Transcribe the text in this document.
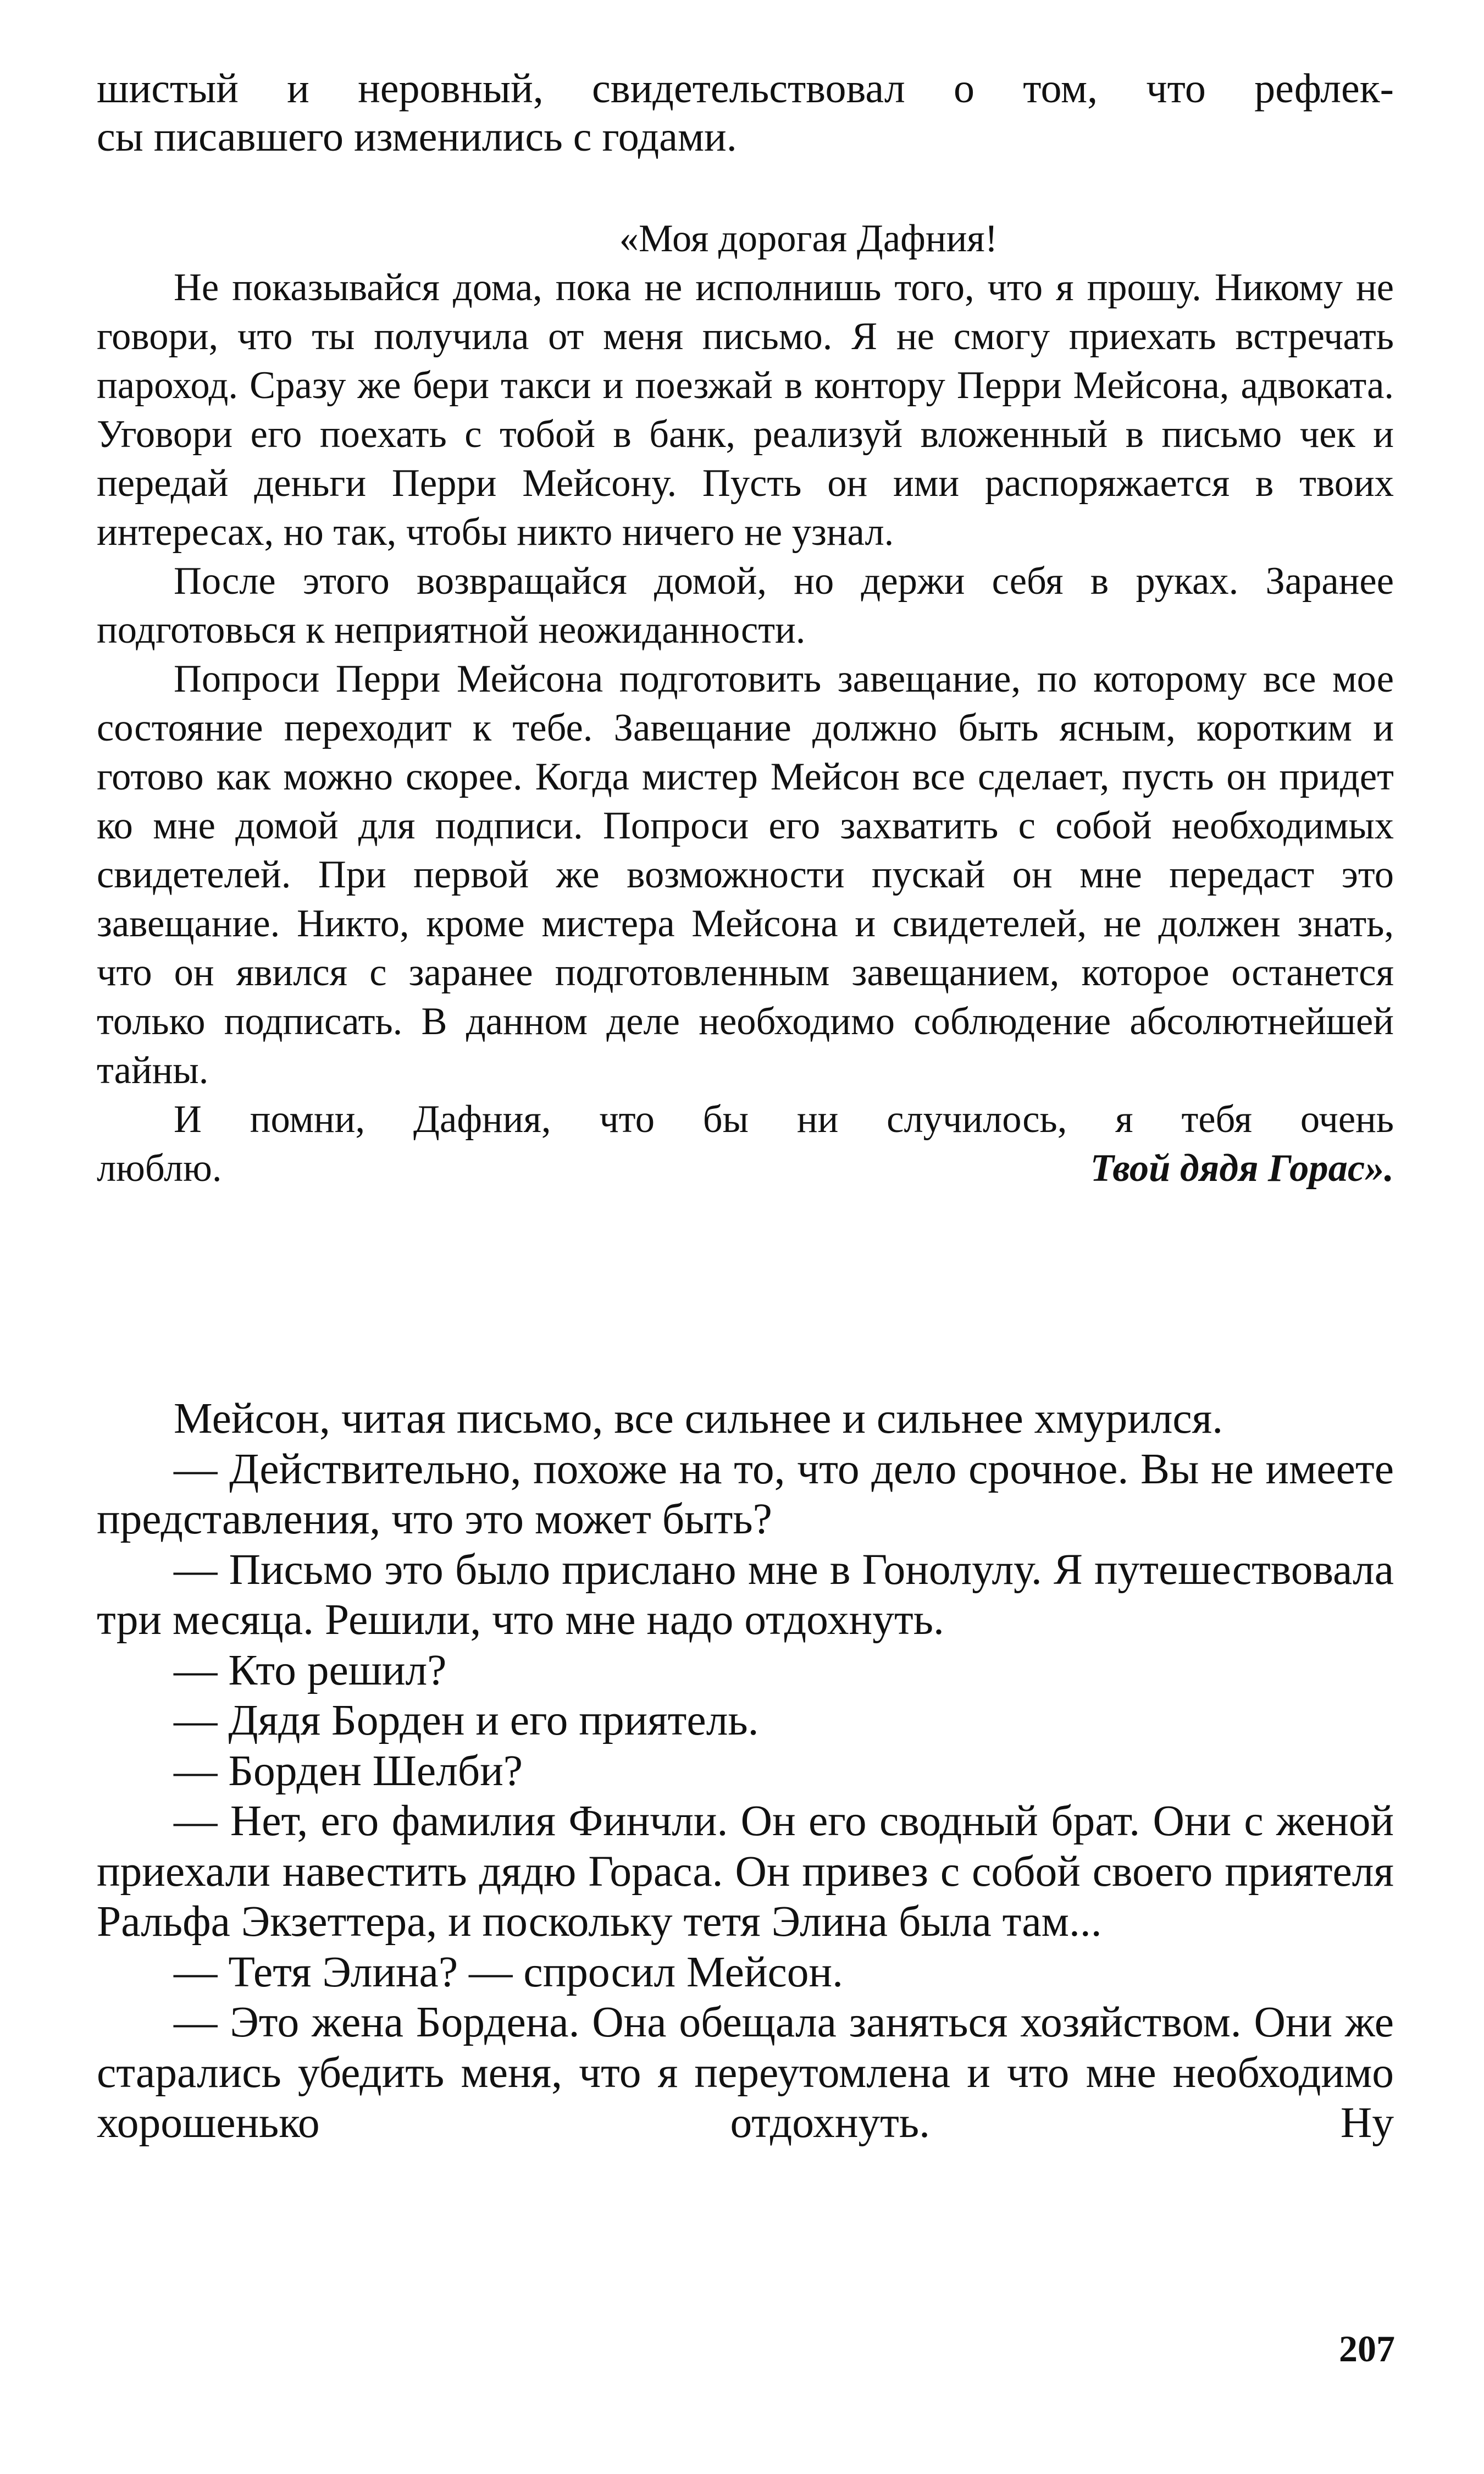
шистый и неровный, свидетельствовал о том, что рефлек-

сы писавшего изменились с годами.

«Моя дорогая Дафния!

Не показывайся дома, пока не исполнишь того, что я прошу. Никому не говори, что ты получила от меня письмо. Я не смогу приехать встречать пароход. Сразу же бери такси и поезжай в контору Перри Мейсона, адвоката. Уговори его поехать с тобой в банк, реализуй вложенный в письмо чек и передай деньги Перри Мейсону. Пусть он ими распоряжается в твоих интересах, но так, чтобы никто ничего не узнал.

После этого возвращайся домой, но держи себя в руках. Заранее подготовься к неприятной неожиданности.

Попроси Перри Мейсона подготовить завещание, по которому все мое состояние переходит к тебе. Завещание должно быть ясным, коротким и готово как можно скорее. Когда мистер Мейсон все сделает, пусть он придет ко мне домой для подписи. Попроси его захватить с собой необходимых свидетелей. При первой же возможности пускай он мне передаст это завещание. Никто, кроме мистера Мейсона и свидетелей, не должен знать, что он явился с заранее подготовленным завещанием, которое останется только подписать. В данном деле необходимо соблюдение абсолютнейшей тайны.

И помни, Дафния, что бы ни случилось, я тебя очень

люблю.	Твой дядя Горас».

Мейсон, читая письмо, все сильнее и сильнее хмурился.

— Действительно, похоже на то, что дело срочное. Вы не имеете представления, что это может быть?

— Письмо это было прислано мне в Гонолулу. Я путешествовала три месяца. Решили, что мне надо отдохнуть.

— Кто решил?

— Дядя Борден и его приятель.

— Борден Шелби?

— Нет, его фамилия Финчли. Он его сводный брат. Они с женой приехали навестить дядю Гораса. Он привез с собой своего приятеля Ральфа Экзеттера, и поскольку тетя Элина была там...

— Тетя Элина? — спросил Мейсон.

— Это жена Бордена. Она обещала заняться хозяйством. Они же старались убедить меня, что я переутомлена и что мне необходимо хорошенько отдохнуть. Ну

207
